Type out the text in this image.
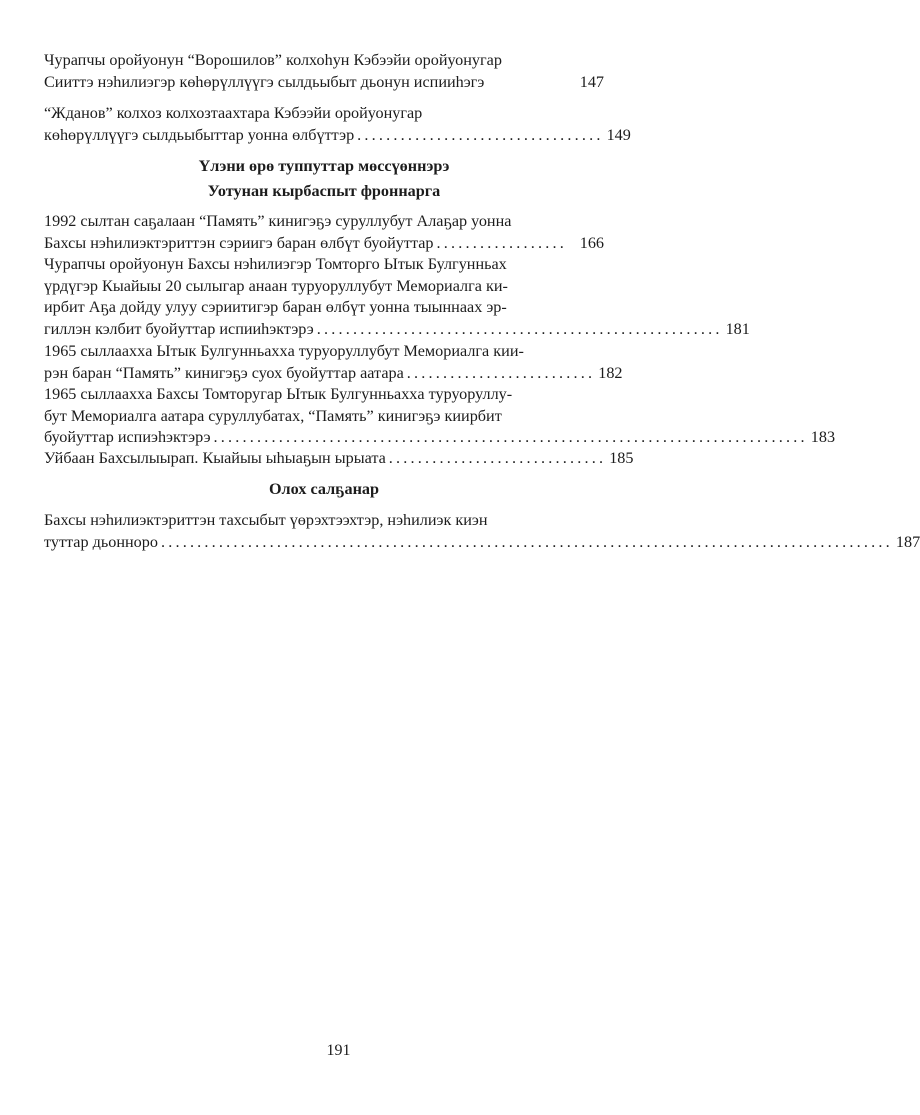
Чурапчы оройуонун “Ворошилов” колхоһун Кэбээйи оройуонугар
Сииттэ нэһилиэгэр көһөрүллүүгэ сылдьыбыт дьонун испииһэгэ	147
“Жданов” колхоз колхозтаахтара Кэбээйи оройуонугар
көһөрүллүүгэ сылдьыбыттар уонна өлбүттэр .................................. 149
Үлэни өрө туппуттар мөссүөннэрэ
Уотунан кырбаспыт фроннарга
1992 сылтан саҕалаан “Память” кинигэҕэ суруллубут Алаҕар уонна
Бахсы нэһилиэктэриттэн сэриигэ баран өлбүт буойуттар .................. 166
Чурапчы оройуонун Бахсы нэһилиэгэр Томторго Ытык Булгунньах
үрдүгэр Кыайыы 20 сылыгар анаан туруоруллубут Мемориалга ки-
ирбит Аҕа дойду улуу сэриитигэр баран өлбүт уонна тыыннаах эр-
гиллэн кэлбит буойуттар испииһэктэрэ ........................................................ 181
1965 сыллааххa Ытык Булгунньаххa туруоруллубут Мемориалга кии-
рэн баран “Память” кинигэҕэ суох буойуттар аатара .......................... 182
1965 сыллааххa Бахсы Томторугар Ытык Булгунньаххa туруоруллу-
бут Мемориалга аатара суруллубатах, “Память” кинигэҕэ киирбит
буойуттар испиэһэктэрэ .................................................................................. 183
Уйбаан Бахсылыырап. Кыайыы ыһыаҕын ырыата .............................. 185
Олох салҕанар
Бахсы нэһилиэктэриттэн тахсыбыт үөрэхтээхтэр, нэһилиэк киэн
туттар дьонноро ..................................................................................................... 187
191
